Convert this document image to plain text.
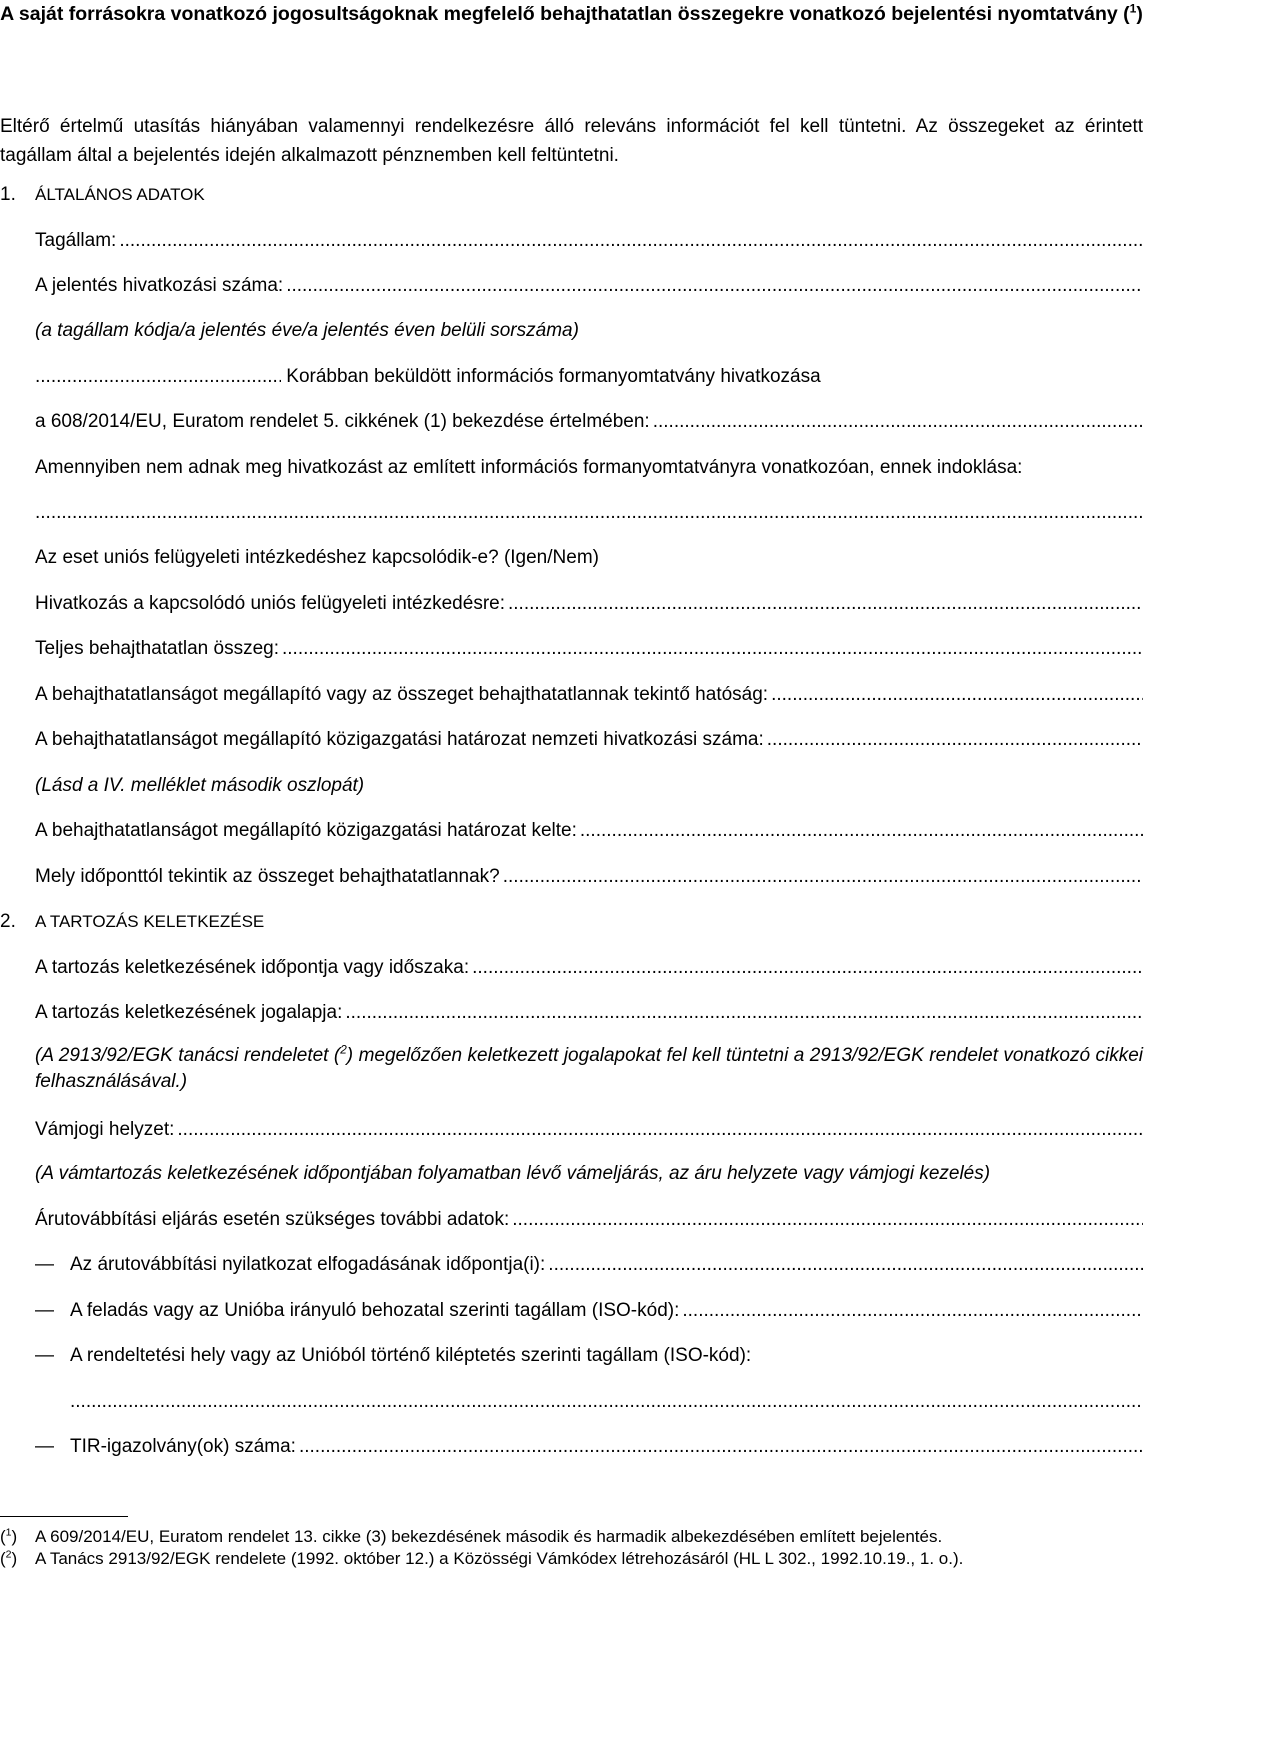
A saját forrásokra vonatkozó jogosultságoknak megfelelő behajthatatlan összegekre vonatkozó bejelentési nyomtatvány ($^1$)
Eltérő értelmű utasítás hiányában valamennyi rendelkezésre álló releváns információt fel kell tüntetni. Az összegeket az érintett tagállam által a bejelentés idején alkalmazott pénznemben kell feltüntetni.
1. ÁLTALÁNOS ADATOK
Tagállam:
.....
A jelentés hivatkozási száma:
.....
(a tagállam kódja/a jelentés éve/a jelentés éven belüli sorszáma)
..... Korábban beküldött információs formanyomtatvány hivatkozása
a 608/2014/EU, Euratom rendelet 5. cikkének (1) bekezdése értelmében:
.....
Amennyiben nem adnak meg hivatkozást az említett információs formanyomtatványra vonatkozóan, ennek indoklása:
.....
Az eset uniós felügyeleti intézkedéshez kapcsolódik-e? (Igen/Nem)
Hivatkozás a kapcsolódó uniós felügyeleti intézkedésre:
.....
Teljes behajthatatlan összeg:
.....
A behajthatatlanságot megállapító vagy az összeget behajthatatlannak tekintő hatóság:
.....
A behajthatatlanságot megállapító közigazgatási határozat nemzeti hivatkozási száma:
.....
(Lásd a IV. melléklet második oszlopát)
A behajthatatlanságot megállapító közigazgatási határozat kelte:
.....
Mely időponttól tekintik az összeget behajthatatlannak?
.....
2. A TARTOZÁS KELETKEZÉSE
A tartozás keletkezésének időpontja vagy időszaka:
.....
A tartozás keletkezésének jogalapja:
.....
(A 2913/92/EGK tanácsi rendeletet ($^2$) megelőzően keletkezett jogalapokat fel kell tüntetni a 2913/92/EGK rendelet vonatkozó cikkei felhasználásával.)
Vámjogi helyzet:
.....
(A vámtartozás keletkezésének időpontjában folyamatban lévő vámeljárás, az áru helyzete vagy vámjogi kezelés)
Árutovábbítási eljárás esetén szükséges további adatok:
.....
— Az árutovábbítási nyilatkozat elfogadásának időpontja(i):
.....
— A feladás vagy az Unióba irányuló behozatal szerinti tagállam (ISO-kód):
.....
— A rendeltetési hely vagy az Unióból történő kiléptetés szerinti tagállam (ISO-kód):
.....
— TIR-igazolvány(ok) száma:
.....
($^1$) A 609/2014/EU, Euratom rendelet 13. cikke (3) bekezdésének második és harmadik albekezdésében említett bejelentés.
($^2$) A Tanács 2913/92/EGK rendelete (1992. október 12.) a Közösségi Vámkódex létrehozásáról (HL L 302., 1992.10.19., 1. o.).
